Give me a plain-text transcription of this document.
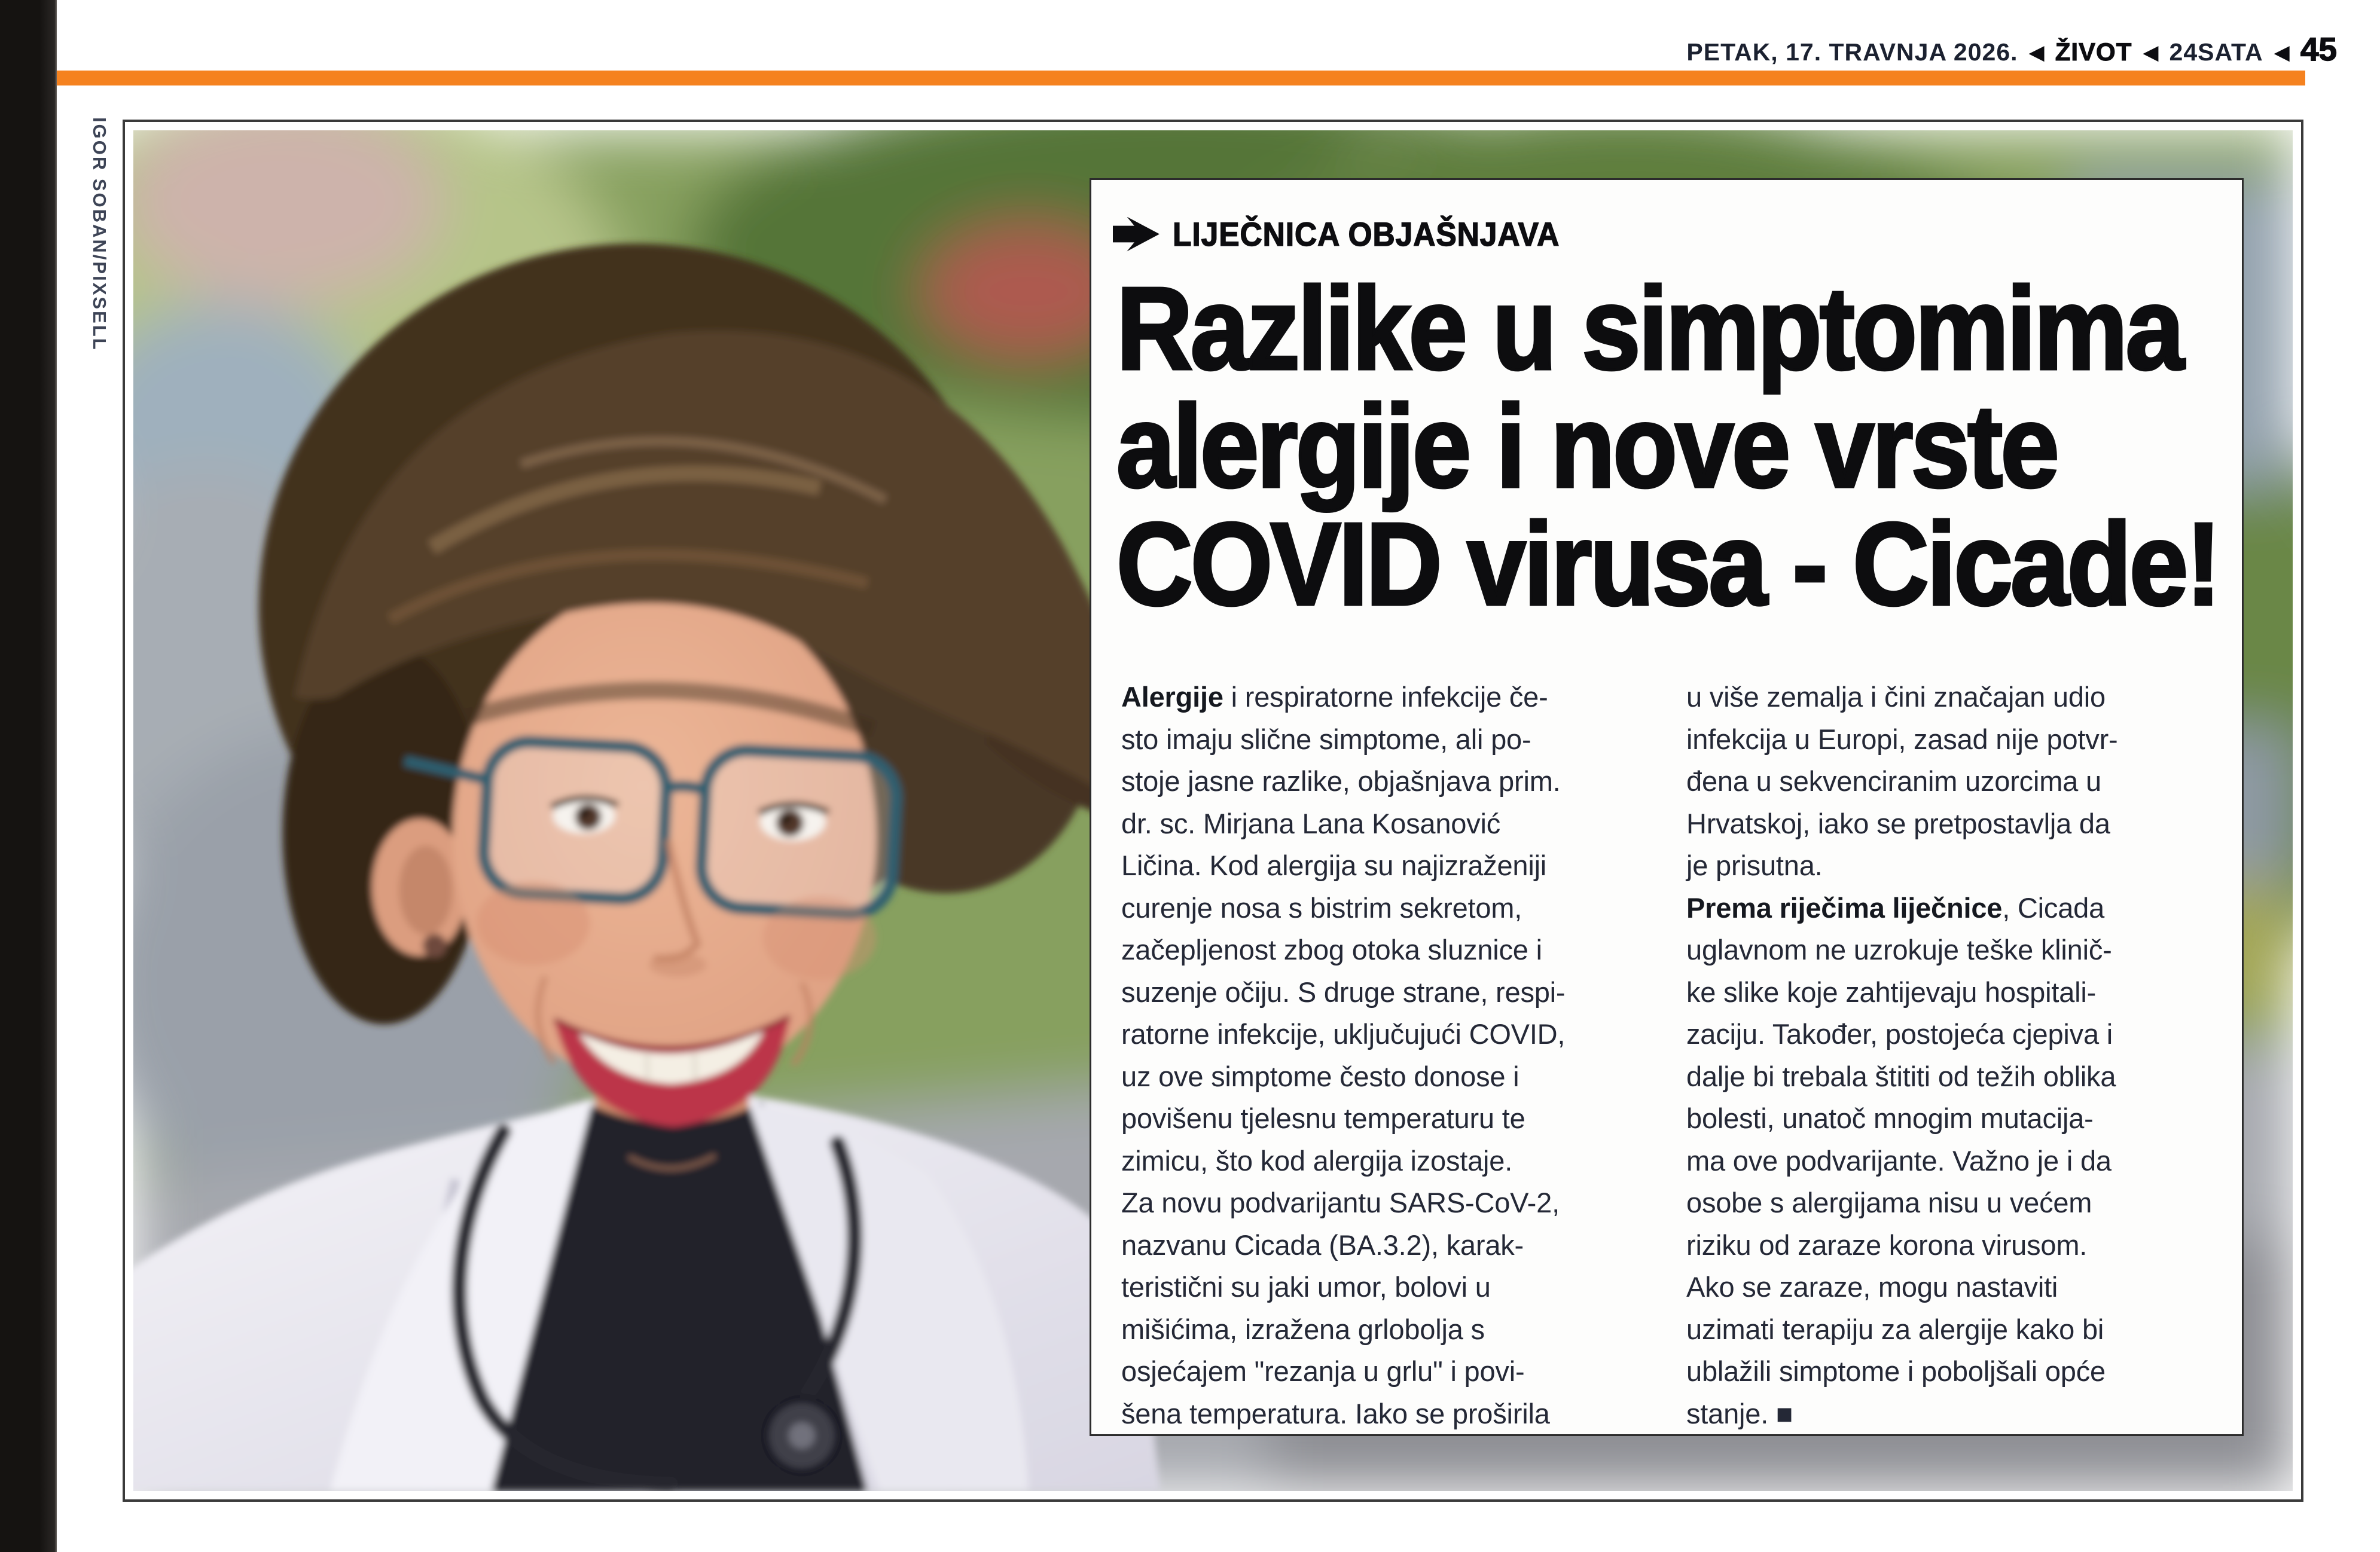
PETAK, 17. TRAVNJA 2026. ◀ ŽIVOT ◀ 24SATA ◀ 45
IGOR SOBAN/PIXSELL	LIJEČNICA OBJAŠNJAVA
Razlike u simptomima
alergije i nove vrste
COVID virusa - Cicade!
Alergije i respiratorne infekcije če-
sto imaju slične simptome, ali po-
stoje jasne razlike, objašnjava prim.
dr. sc. Mirjana Lana Kosanović
Ličina. Kod alergija su najizraženiji
curenje nosa s bistrim sekretom,
začepljenost zbog otoka sluznice i
suzenje očiju. S druge strane, respi-
ratorne infekcije, uključujući COVID,
uz ove simptome često donose i
povišenu tjelesnu temperaturu te
zimicu, što kod alergija izostaje.
Za novu podvarijantu SARS-CoV-2,
nazvanu Cicada (BA.3.2), karak-
teristični su jaki umor, bolovi u
mišićima, izražena grlobolja s
osjećajem "rezanja u grlu" i povi-
šena temperatura. Iako se proširila
u više zemalja i čini značajan udio
infekcija u Europi, zasad nije potvr-
đena u sekvenciranim uzorcima u
Hrvatskoj, iako se pretpostavlja da
je prisutna.
Prema riječima liječnice, Cicada
uglavnom ne uzrokuje teške klinič-
ke slike koje zahtijevaju hospitali-
zaciju. Također, postojeća cjepiva i
dalje bi trebala štititi od težih oblika
bolesti, unatoč mnogim mutacija-
ma ove podvarijante. Važno je i da
osobe s alergijama nisu u većem
riziku od zaraze korona virusom.
Ako se zaraze, mogu nastaviti
uzimati terapiju za alergije kako bi
ublažili simptome i poboljšali opće
stanje. ■
